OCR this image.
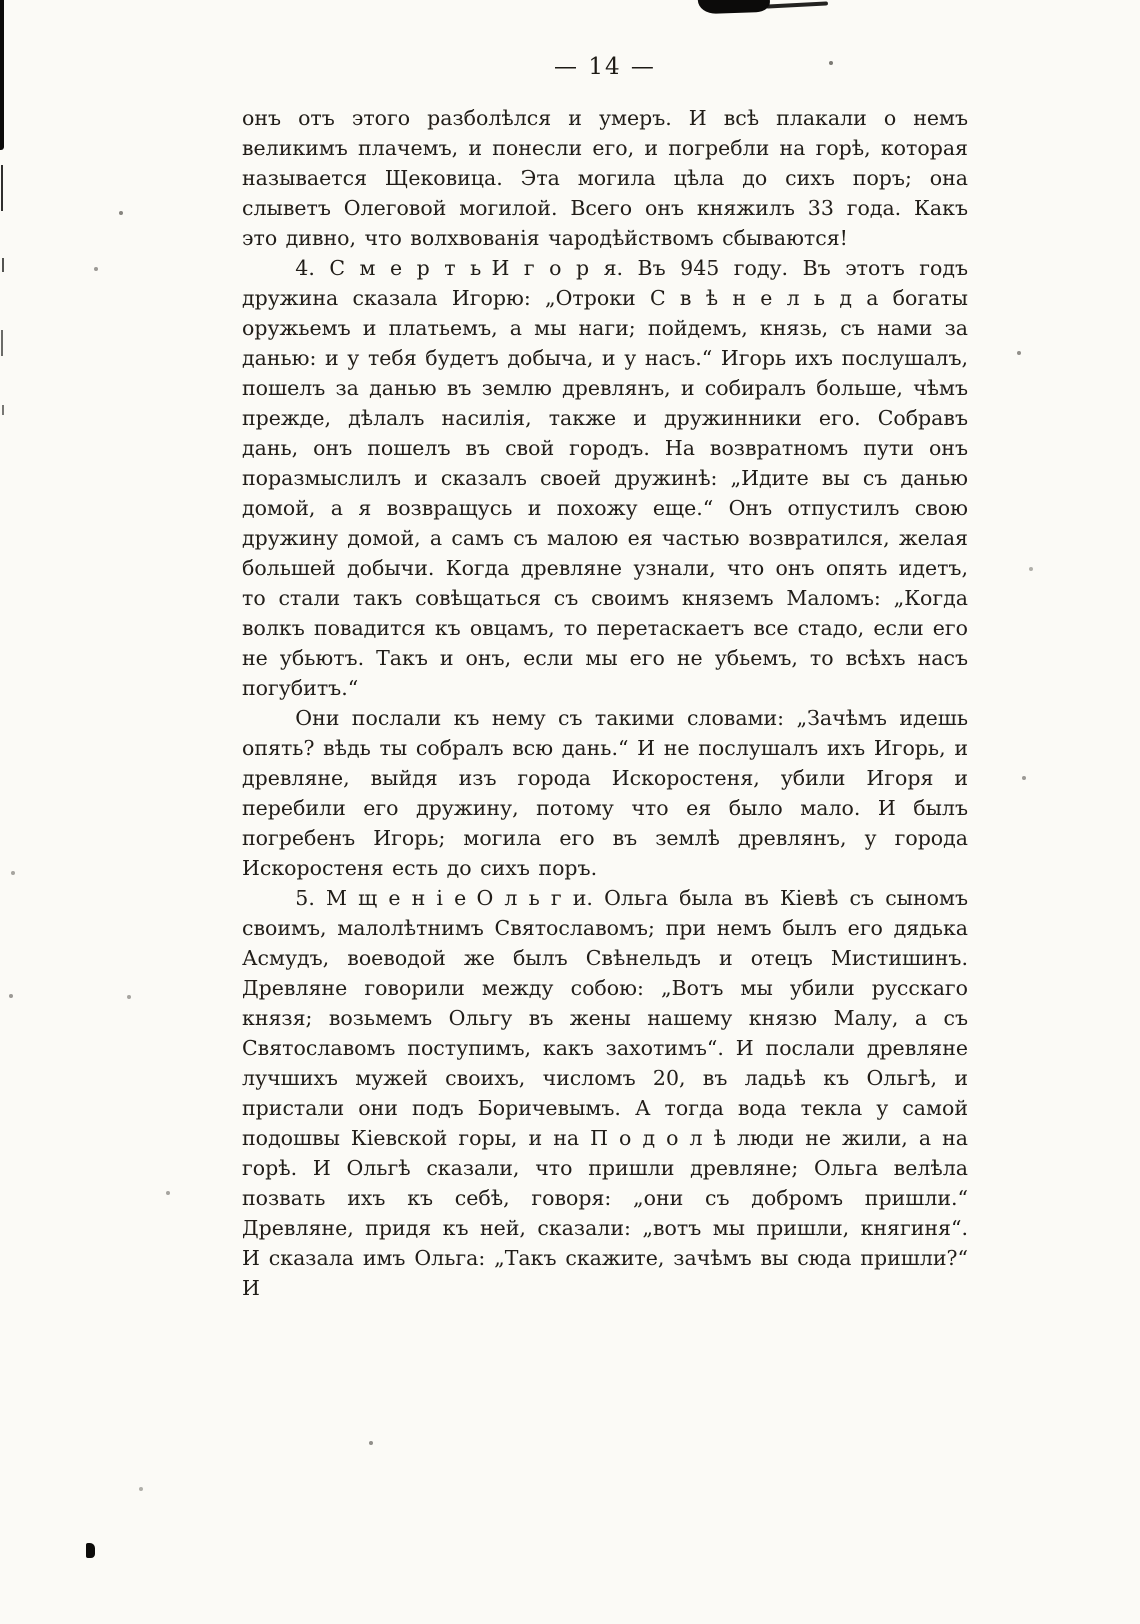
— 14 —

онъ отъ этого разболѣлся и умеръ. И всѣ плакали о немъ великимъ плачемъ, и понесли его, и погребли на горѣ, которая называется Щековица. Эта могила цѣла до сихъ поръ; она слыветъ Олеговой могилой. Всего онъ княжилъ 33 года. Какъ это дивно, что волхвованія чародѣйствомъ сбываются!

4. С м е р т ь И г о р я. Въ 945 году. Въ этотъ годъ дружина сказала Игорю: „Отроки С в ѣ н е л ь д а богаты оружьемъ и платьемъ, а мы наги; пойдемъ, князь, съ нами за данью: и у тебя будетъ добыча, и у насъ.“ Игорь ихъ послушалъ, пошелъ за данью въ землю древлянъ, и собиралъ больше, чѣмъ прежде, дѣлалъ насилія, также и дружинники его. Собравъ дань, онъ пошелъ въ свой городъ. На возвратномъ пути онъ поразмыслилъ и сказалъ своей дружинѣ: „Идите вы съ данью домой, а я возвращусь и похожу еще.“ Онъ отпустилъ свою дружину домой, а самъ съ малою ея частью возвратился, желая большей добычи. Когда древляне узнали, что онъ опять идетъ, то стали такъ совѣщаться съ своимъ княземъ Маломъ: „Когда волкъ повадится къ овцамъ, то перетаскаетъ все стадо, если его не убьютъ. Такъ и онъ, если мы его не убьемъ, то всѣхъ насъ погубитъ.“

Они послали къ нему съ такими словами: „Зачѣмъ идешь опять? вѣдь ты собралъ всю дань.“ И не послушалъ ихъ Игорь, и древляне, выйдя изъ города Искоростеня, убили Игоря и перебили его дружину, потому что ея было мало. И былъ погребенъ Игорь; могила его въ землѣ древлянъ, у города Искоростеня есть до сихъ поръ.

5. М щ е н і е О л ь г и. Ольга была въ Кіевѣ съ сыномъ своимъ, малолѣтнимъ Святославомъ; при немъ былъ его дядька Асмудъ, воеводой же былъ Свѣнельдъ и отецъ Мистишинъ. Древляне говорили между собою: „Вотъ мы убили русскаго князя; возьмемъ Ольгу въ жены нашему князю Малу, а съ Святославомъ поступимъ, какъ захотимъ“. И послали древляне лучшихъ мужей своихъ, числомъ 20, въ ладьѣ къ Ольгѣ, и пристали они подъ Боричевымъ. А тогда вода текла у самой подошвы Кіевской горы, и на П о д о л ѣ люди не жили, а на горѣ. И Ольгѣ сказали, что пришли древляне; Ольга велѣла позвать ихъ къ себѣ, говоря: „они съ добромъ пришли.“ Древляне, придя къ ней, сказали: „вотъ мы пришли, княгиня“. И сказала имъ Ольга: „Такъ скажите, зачѣмъ вы сюда пришли?“ И
